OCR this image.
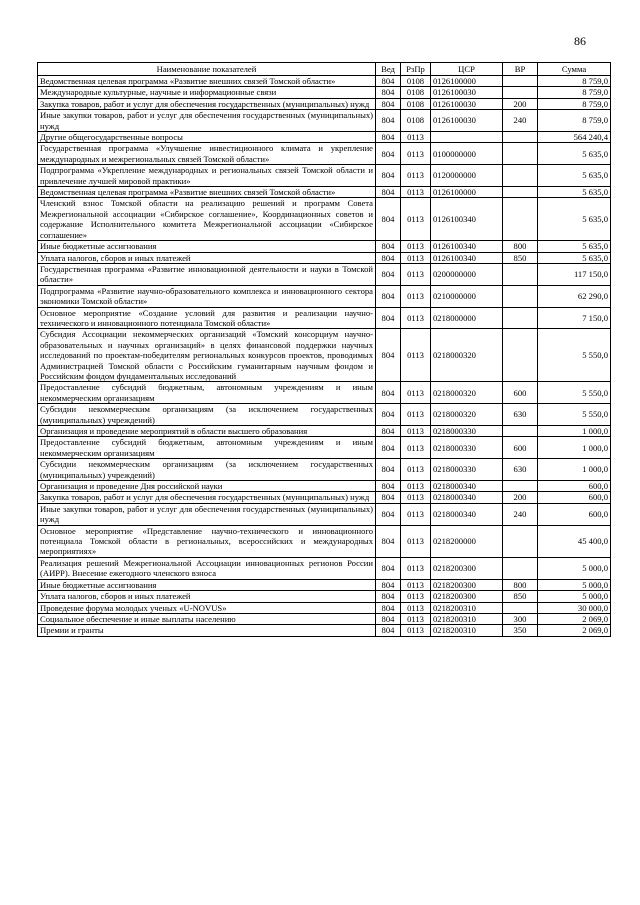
86
Наименование показателей	Вед	РзПр	ЦСР	ВР	Сумма
Ведомственная целевая программа «Развитие внешних связей Томской области»	804	0108	0126100000		8 759,0
Международные культурные, научные и информационные связи	804	0108	0126100030		8 759,0
Закупка товаров, работ и услуг для обеспечения государственных (муниципальных) нужд	804	0108	0126100030	200	8 759,0
Иные закупки товаров, работ и услуг для обеспечения государственных (муниципальных) нужд	804	0108	0126100030	240	8 759,0
Другие общегосударственные вопросы	804	0113			564 240,4
Государственная программа «Улучшение инвестиционного климата и укрепление международных и межрегиональных связей Томской области»	804	0113	0100000000		5 635,0
Подпрограмма «Укрепление международных и региональных связей Томской области и привлечение лучшей мировой практики»	804	0113	0120000000		5 635,0
Ведомственная целевая программа «Развитие внешних связей Томской области»	804	0113	0126100000		5 635,0
Членский взнос Томской области на реализацию решений и программ Совета Межрегиональной ассоциации «Сибирское соглашение», Координационных советов и содержание Исполнительного комитета Межрегиональной ассоциации «Сибирское соглашение»	804	0113	0126100340		5 635,0
Иные бюджетные ассигнования	804	0113	0126100340	800	5 635,0
Уплата налогов, сборов и иных платежей	804	0113	0126100340	850	5 635,0
Государственная программа «Развитие инновационной деятельности и науки в Томской области»	804	0113	0200000000		117 150,0
Подпрограмма «Развитие научно-образовательного комплекса и инновационного сектора экономики Томской области»	804	0113	0210000000		62 290,0
Основное мероприятие «Создание условий для развития и реализации научно-технического и инновационного потенциала Томской области»	804	0113	0218000000		7 150,0
Субсидия Ассоциации некоммерческих организаций «Томский консорциум научно-образовательных и научных организаций» в целях финансовой поддержки научных исследований по проектам-победителям региональных конкурсов проектов, проводимых Администрацией Томской области с Российским гуманитарным научным фондом и Российским фондом фундаментальных исследований	804	0113	0218000320		5 550,0
Предоставление субсидий бюджетным, автономным учреждениям и иным некоммерческим организациям	804	0113	0218000320	600	5 550,0
Субсидии некоммерческим организациям (за исключением государственных (муниципальных) учреждений)	804	0113	0218000320	630	5 550,0
Организация и проведение мероприятий в области высшего образования	804	0113	0218000330		1 000,0
Предоставление субсидий бюджетным, автономным учреждениям и иным некоммерческим организациям	804	0113	0218000330	600	1 000,0
Субсидии некоммерческим организациям (за исключением государственных (муниципальных) учреждений)	804	0113	0218000330	630	1 000,0
Организация и проведение Дня российской науки	804	0113	0218000340		600,0
Закупка товаров, работ и услуг для обеспечения государственных (муниципальных) нужд	804	0113	0218000340	200	600,0
Иные закупки товаров, работ и услуг для обеспечения государственных (муниципальных) нужд	804	0113	0218000340	240	600,0
Основное мероприятие «Представление научно-технического и инновационного потенциала Томской области в региональных, всероссийских и международных мероприятиях»	804	0113	0218200000		45 400,0
Реализация решений Межрегиональной Ассоциации инновационных регионов России (АИРР). Внесение ежегодного членского взноса	804	0113	0218200300		5 000,0
Иные бюджетные ассигнования	804	0113	0218200300	800	5 000,0
Уплата налогов, сборов и иных платежей	804	0113	0218200300	850	5 000,0
Проведение форума молодых ученых «U-NOVUS»	804	0113	0218200310		30 000,0
Социальное обеспечение и иные выплаты населению	804	0113	0218200310	300	2 069,0
Премии и гранты	804	0113	0218200310	350	2 069,0
